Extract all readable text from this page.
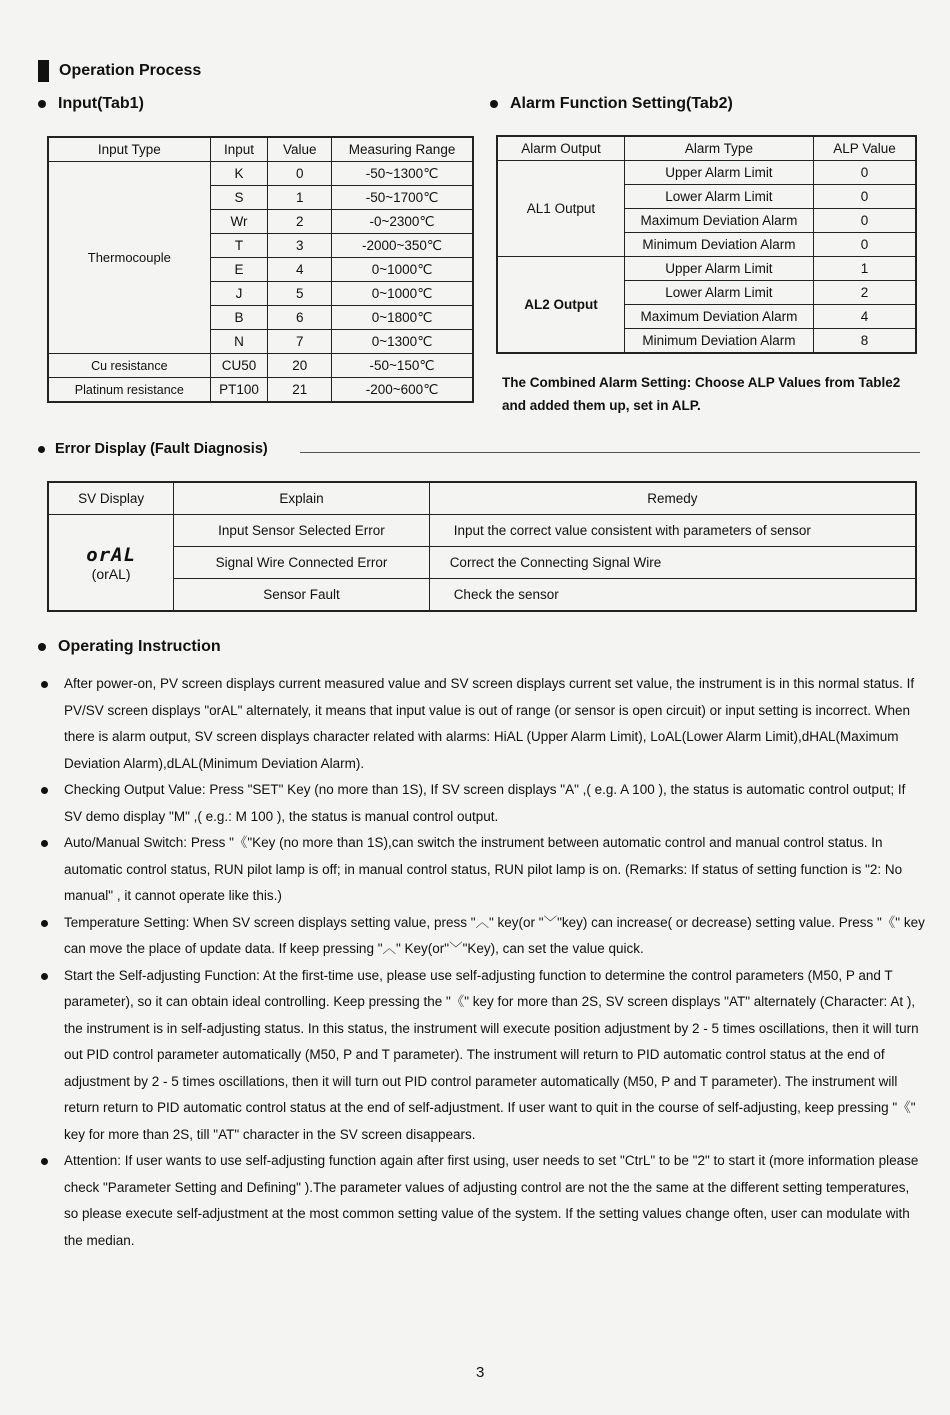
Operation Process
Input(Tab1)	Alarm Function Setting(Tab2)
Input Type	Input	Value	Measuring Range
Thermocouple	K	0	-50~1300℃
	S	1	-50~1700℃
	Wr	2	-0~2300℃
	T	3	-2000~350℃
	E	4	0~1000℃
	J	5	0~1000℃
	B	6	0~1800℃
	N	7	0~1300℃
Cu resistance	CU50	20	-50~150℃
Platinum resistance	PT100	21	-200~600℃
Alarm Output	Alarm Type	ALP Value
AL1 Output	Upper Alarm Limit	0
	Lower Alarm Limit	0
	Maximum Deviation Alarm	0
	Minimum Deviation Alarm	0
AL2 Output	Upper Alarm Limit	1
	Lower Alarm Limit	2
	Maximum Deviation Alarm	4
	Minimum Deviation Alarm	8
The Combined Alarm Setting: Choose ALP Values from Table2
and added them up, set in ALP.
Error Display (Fault Diagnosis)
SV Display	Explain	Remedy

orAL
(orAL)	Input Sensor Selected Error	Input the correct value consistent with parameters of sensor
	Signal Wire Connected Error	Correct the Connecting Signal Wire
	Sensor Fault	Check the sensor
Operating Instruction
After power-on, PV screen displays current measured value and SV screen displays current set value, the instrument is in this normal status. If PV/SV screen displays "orAL" alternately, it means that input value is out of range (or sensor is open circuit) or input setting is incorrect. When there is alarm output, SV screen displays character related with alarms: HiAL (Upper Alarm Limit), LoAL(Lower Alarm Limit),dHAL(Maximum Deviation Alarm),dLAL(Minimum Deviation Alarm).
Checking Output Value: Press "SET" Key (no more than 1S), If SV screen displays "A" ,( e.g. A 100 ), the status is automatic control output; If SV demo display "M" ,( e.g.: M 100 ), the status is manual control output.
Auto/Manual Switch: Press "《"Key (no more than 1S),can switch the instrument between automatic control and manual control status. In automatic control status, RUN pilot lamp is off; in manual control status, RUN pilot lamp is on. (Remarks: If status of setting function is "2: No manual" , it cannot operate like this.)
Temperature Setting: When SV screen displays setting value, press "︿" key(or "﹀"key) can increase( or decrease) setting value. Press "《" key can move the place of update data. If keep pressing "︿" Key(or"﹀"Key), can set the value quick.
Start the Self-adjusting Function: At the first-time use, please use self-adjusting function to determine the control parameters (M50, P and T parameter), so it can obtain ideal controlling. Keep pressing the "《" key for more than 2S, SV screen displays "AT" alternately (Character: At ), the instrument is in self-adjusting status. In this status, the instrument will execute position adjustment by 2 - 5 times oscillations, then it will turn out PID control parameter automatically (M50, P and T parameter). The instrument will return to PID automatic control status at the end of adjustment by 2 - 5 times oscillations, then it will turn out PID control parameter automatically (M50, P and T parameter). The instrument will return return to PID automatic control status at the end of self-adjustment. If user want to quit in the course of self-adjusting, keep pressing "《" key for more than 2S, till "AT" character in the SV screen disappears.
Attention: If user wants to use self-adjusting function again after first using, user needs to set "CtrL" to be "2" to start it (more information please check "Parameter Setting and Defining" ).The parameter values of adjusting control are not the the same at the different setting temperatures, so please execute self-adjustment at the most common setting value of the system. If the setting values change often, user can modulate with the median.
3
